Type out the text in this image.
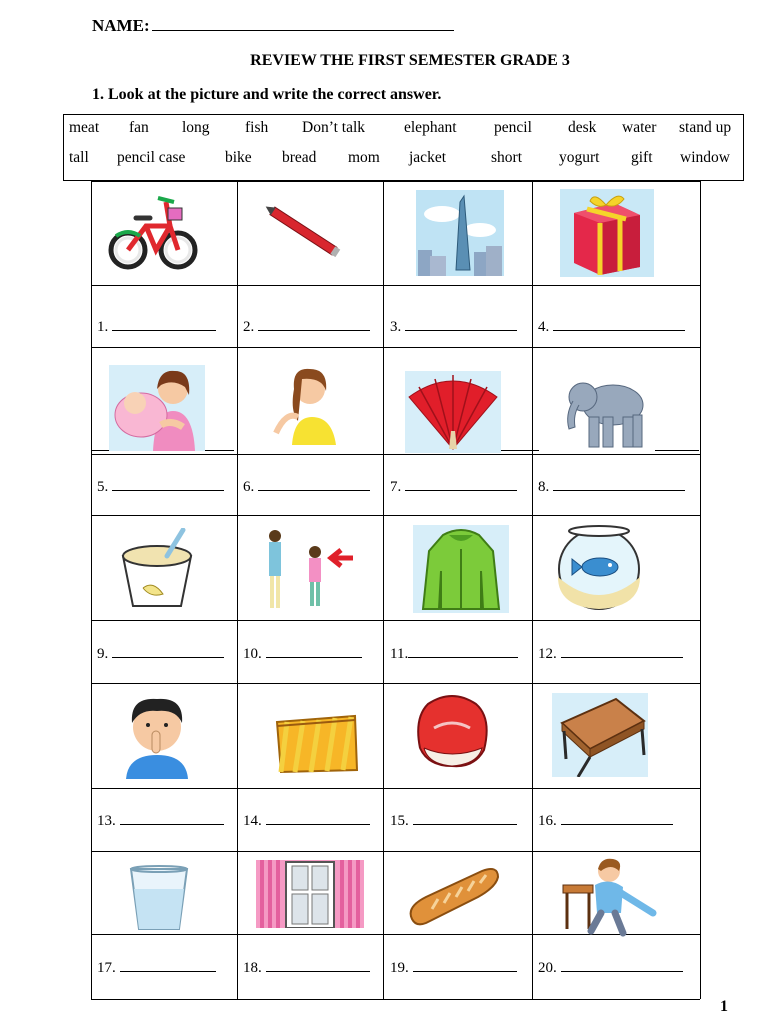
NAME:
REVIEW THE FIRST SEMESTER GRADE 3
1. Look at the picture and write the correct answer.
meat fan long fish Don’t talk	elephant pencil desk water stand up
tall pencil case	bike bread mom jacket	short yogurt gift window
1.	2.	3.	4.
5.	6.	7.	8.
9.	10.	11.	12.
13.	14.	15.	16.
17.	18.	19.	20.
1
